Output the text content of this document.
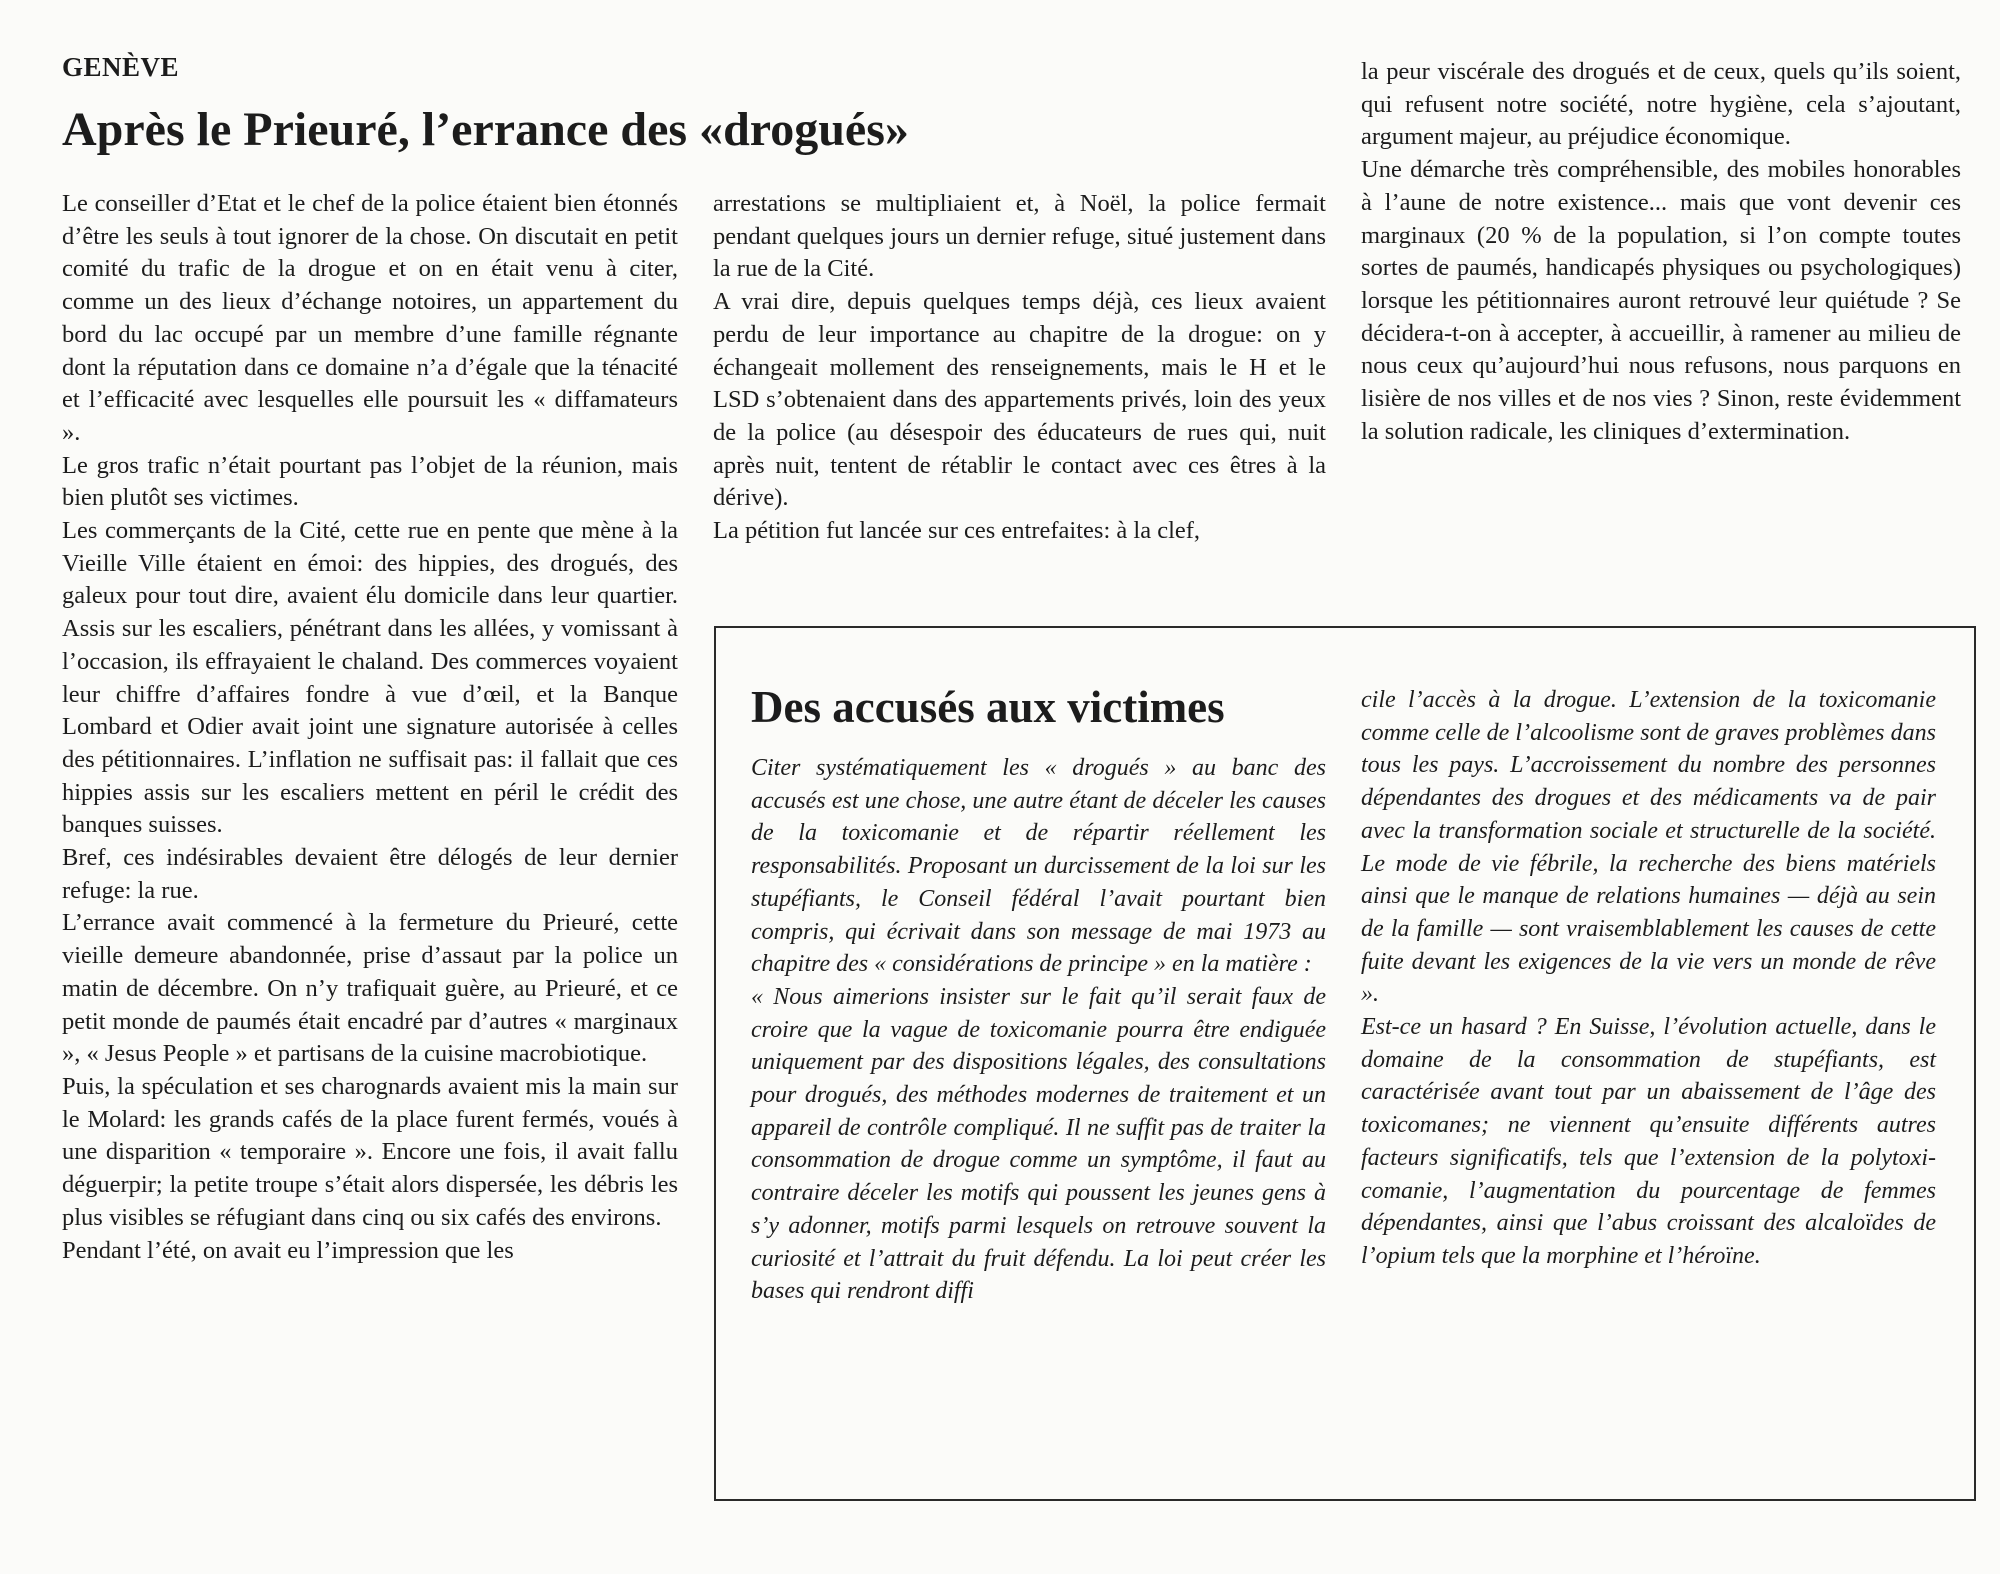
GENÈVE
Après le Prieuré, l’errance des «drogués»

Le conseiller d’Etat et le chef de la police étaient bien étonnés d’être les seuls à tout ignorer de la chose. On discutait en petit comité du trafic de la drogue et on en était venu à citer, comme un des lieux d’échange notoires, un appartement du bord du lac occupé par un membre d’une famille régnante dont la réputation dans ce domaine n’a d’égale que la ténacité et l’efficacité avec lesquelles elle poursuit les « diffamateurs ».

Le gros trafic n’était pourtant pas l’objet de la réunion, mais bien plutôt ses victimes.

Les commerçants de la Cité, cette rue en pente que mène à la Vieille Ville étaient en émoi: des hippies, des drogués, des galeux pour tout dire, avaient élu domicile dans leur quartier. Assis sur les escaliers, pénétrant dans les allées, y vomissant à l’occasion, ils effrayaient le chaland. Des commerces voyaient leur chiffre d’affaires fondre à vue d’œil, et la Banque Lombard et Odier avait joint une signature autorisée à celles des pétitionnaires. L’inflation ne suffisait pas: il fallait que ces hippies assis sur les escaliers mettent en péril le crédit des banques suisses.

Bref, ces indésirables devaient être délogés de leur dernier refuge: la rue.

L’errance avait commencé à la fermeture du Prieuré, cette vieille demeure abandonnée, prise d’assaut par la police un matin de décembre. On n’y trafiquait guère, au Prieuré, et ce petit monde de paumés était encadré par d’autres « marginaux », « Jesus People » et partisans de la cuisine macrobiotique.

Puis, la spéculation et ses charognards avaient mis la main sur le Molard: les grands cafés de la place furent fermés, voués à une disparition « temporaire ». Encore une fois, il avait fallu déguerpir; la petite troupe s’était alors dispersée, les débris les plus visibles se réfugiant dans cinq ou six cafés des environs.

Pendant l’été, on avait eu l’impression que les

arrestations se multipliaient et, à Noël, la police fermait pendant quelques jours un dernier refuge, situé justement dans la rue de la Cité.

A vrai dire, depuis quelques temps déjà, ces lieux avaient perdu de leur importance au chapitre de la drogue: on y échangeait mollement des renseignements, mais le H et le LSD s’obtenaient dans des appartements privés, loin des yeux de la police (au désespoir des éducateurs de rues qui, nuit après nuit, tentent de rétablir le contact avec ces êtres à la dérive).

La pétition fut lancée sur ces entrefaites: à la clef,

la peur viscérale des drogués et de ceux, quels qu’ils soient, qui refusent notre société, notre hygiène, cela s’ajoutant, argument majeur, au préjudice économique.

Une démarche très compréhensible, des mobiles honorables à l’aune de notre existence... mais que vont devenir ces marginaux (20 % de la population, si l’on compte toutes sortes de paumés, handicapés physiques ou psychologiques) lorsque les pétitionnaires auront retrouvé leur quiétude ? Se décidera-t-on à accepter, à accueillir, à ramener au milieu de nous ceux qu’aujourd’hui nous refusons, nous parquons en lisière de nos villes et de nos vies ? Sinon, reste évidemment la solution radicale, les cliniques d’extermination.

Des accusés aux victimes

Citer systématiquement les « drogués » au banc des accusés est une chose, une autre étant de déceler les causes de la toxicomanie et de répartir réellement les responsabilités. Proposant un durcissement de la loi sur les stupéfiants, le Conseil fédéral l’avait pourtant bien compris, qui écrivait dans son message de mai 1973 au chapitre des « considérations de principe » en la matière :

« Nous aimerions insister sur le fait qu’il serait faux de croire que la vague de toxicomanie pourra être endiguée uniquement par des dispositions légales, des consultations pour drogués, des méthodes modernes de traitement et un appareil de contrôle compliqué. Il ne suffit pas de traiter la consommation de drogue comme un symptôme, il faut au contraire déceler les motifs qui poussent les jeunes gens à s’y adonner, motifs parmi lesquels on retrouve souvent la curiosité et l’attrait du fruit défendu. La loi peut créer les bases qui rendront diffi

cile l’accès à la drogue. L’extension de la toxicomanie comme celle de l’alcoolisme sont de graves problèmes dans tous les pays. L’accroissement du nombre des personnes dépendantes des drogues et des médicaments va de pair avec la transformation sociale et structurelle de la société. Le mode de vie fébrile, la recherche des biens matériels ainsi que le manque de relations humaines — déjà au sein de la famille — sont vraisemblablement les causes de cette fuite devant les exigences de la vie vers un monde de rêve ».

Est-ce un hasard ? En Suisse, l’évolution actuelle, dans le domaine de la consommation de stupéfiants, est caractérisée avant tout par un abaissement de l’âge des toxicomanes; ne viennent qu’ensuite différents autres facteurs significatifs, tels que l’extension de la polytoxicomanie, l’augmentation du pourcentage de femmes dépendantes, ainsi que l’abus croissant des alcaloïdes de l’opium tels que la morphine et l’héroïne.
